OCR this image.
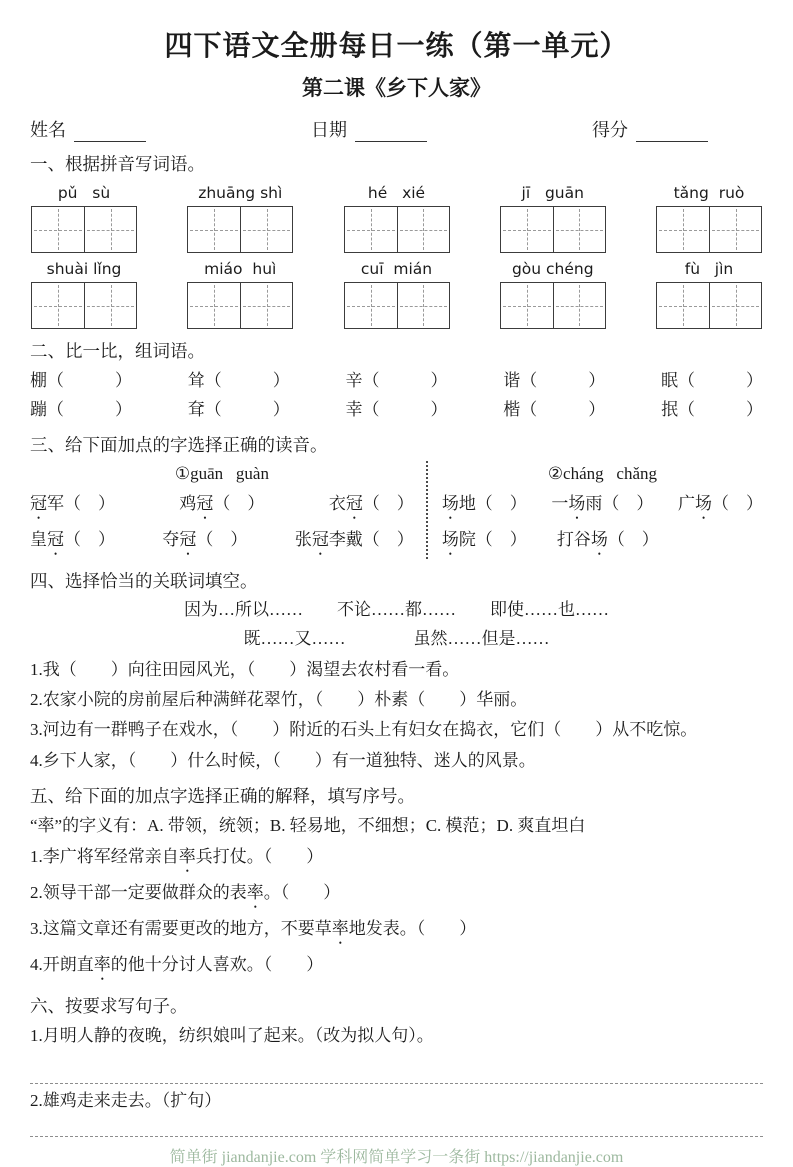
四下语文全册每日一练（第一单元）
第二课《乡下人家》
姓名	日期	得分
一、根据拼音写词语。
pǔ   sù	zhuāng shì	hé   xié	jī   guān	tǎng  ruò
shuài lǐng	miáo  huì	cuī  mián	gòu chéng	fù   jìn
二、比一比，组词语。
棚（　　　）	耸（　　　）	辛（　　　）	谐（　　　）	眠（　　　）
蹦（　　　）	耷（　　　）	幸（　　　）	楷（　　　）	抿（　　　）
三、给下面加点的字选择正确的读音。
①guān   guàn
冠军（　）	鸡冠（　）	衣冠（　）
皇冠（　）	夺冠（　）	张冠李戴（　）
②cháng   chǎng
场地（　） 一场雨（　） 广场（　）
场院（　） 打谷场（　）
四、选择恰当的关联词填空。
因为…所以……　　不论……都……　　即使……也……
既……又……　　　　虽然……但是……

1.我（　　）向往田园风光，（　　）渴望去农村看一看。

2.农家小院的房前屋后种满鲜花翠竹，（　　）朴素（　　）华丽。

3.河边有一群鸭子在戏水，（　　）附近的石头上有妇女在捣衣，它们（　　）从不吃惊。

4.乡下人家，（　　）什么时候，（　　）有一道独特、迷人的风景。

五、给下面的加点字选择正确的解释，填写序号。

“率”的字义有：A. 带领，统领；B. 轻易地，不细想；C. 模范；D. 爽直坦白

1.李广将军经常亲自率兵打仗。（　　）

2.领导干部一定要做群众的表率。（　　）

3.这篇文章还有需要更改的地方，不要草率地发表。（　　）

4.开朗直率的他十分讨人喜欢。（　　）

六、按要求写句子。

1.月明人静的夜晚，纺织娘叫了起来。（改为拟人句）。

2.雄鸡走来走去。（扩句）

简单街 jiandanjie.com 学科网简单学习一条街 https://jiandanjie.com
